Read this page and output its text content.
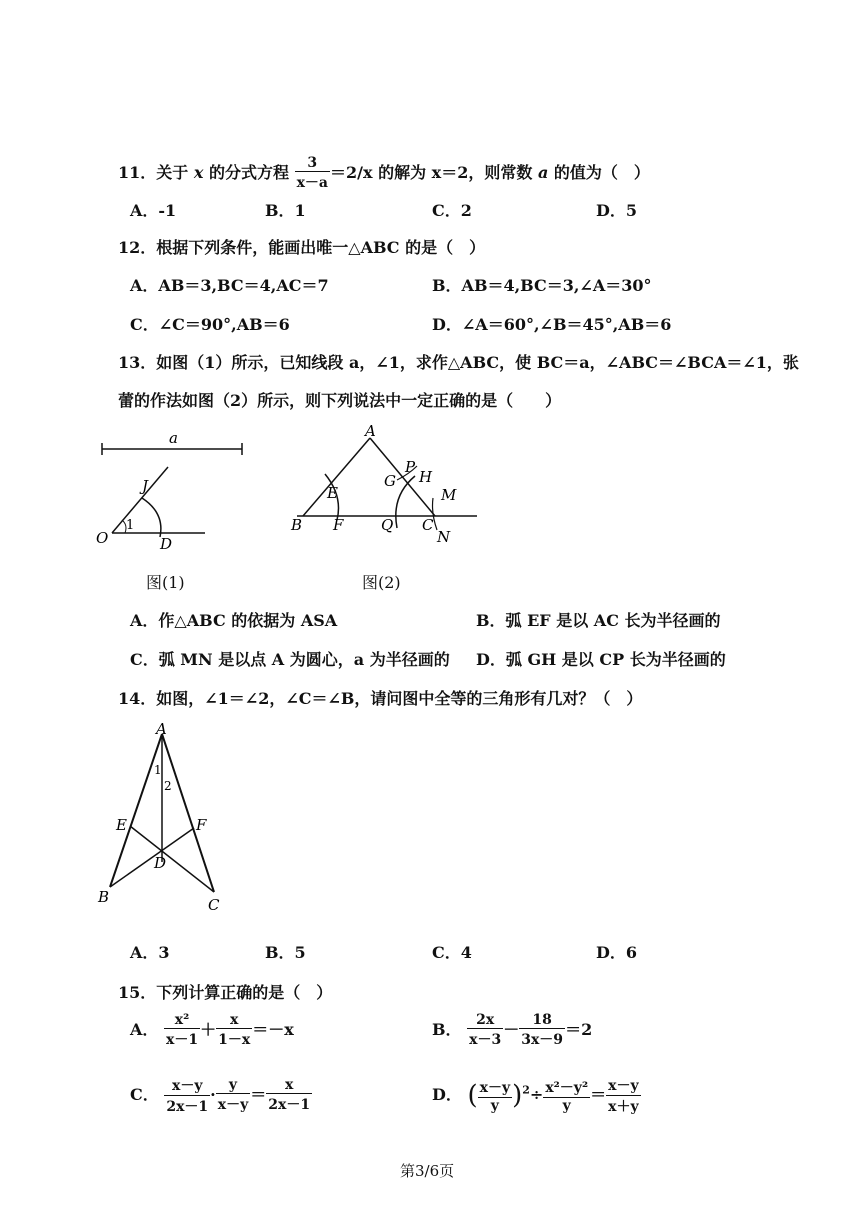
11．关于 x 的分式方程 $\frac{3}{x-a} =2/x$ 的解为 x＝2，则常数 a 的值为（　）
A．-1	B．1	C．2	D．5
12．根据下列条件，能画出唯一△ABC 的是（　）
A．AB＝3,BC＝4,AC＝7	B．AB＝4,BC＝3,∠A＝30°
C．∠C＝90°,AB＝6	D．∠A＝60°,∠B＝45°,AB＝6
13．如图（1）所示，已知线段 a，∠1，求作△ABC，使 BC＝a，∠ABC＝∠BCA＝∠1，张
蕾的作法如图（2）所示，则下列说法中一定正确的是（　　）
a
O
J
D
1
图(1)
A
B	C
E
F
G H
P
Q
M
N
图(2)
A．作△ABC 的依据为 ASA	B．弧 EF 是以 AC 长为半径画的
C．弧 MN 是以点 A 为圆心，a 为半径画的 D．弧 GH 是以 CP 长为半径画的
14．如图，∠1＝∠2，∠C＝∠B，请问图中全等的三角形有几对？（　）
A
B	C
E	F
D
1
2
A．3	B．5	C．4	D．6
15．下列计算正确的是（　）
A． $\frac{\text{x²}}{x-1} + \frac{x}{1-x} =-x$	B． $\frac{2x}{x-3} - \frac{18}{3x-9} =2$
C． $\frac{x-y}{2x-1} \cdot \frac{y}{x-y} = \frac{x}{2x-1}$	D． ( $\frac{x-y}{y} )^2\div \frac{\text{x²－y²}}{y} = \frac{x-y}{x+y}$
第3/6页
